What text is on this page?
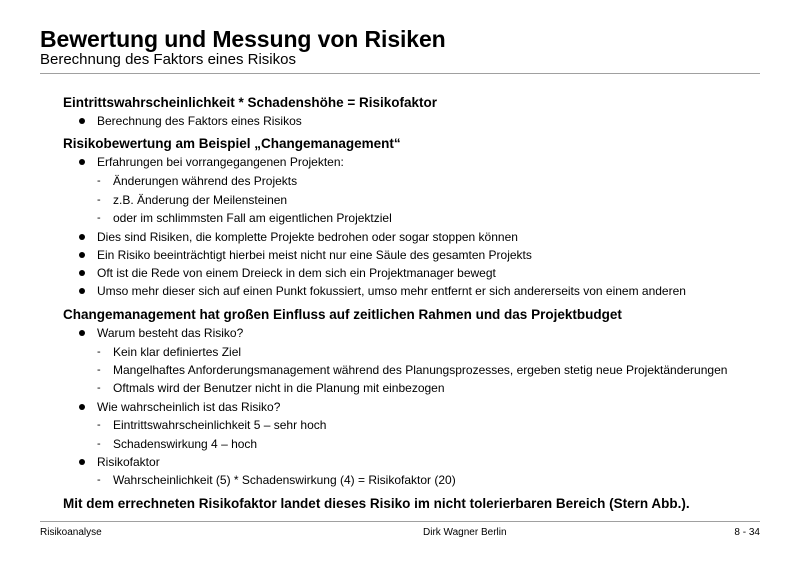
Bewertung und Messung von Risiken
Berechnung des Faktors eines Risikos
Eintrittswahrscheinlichkeit * Schadenshöhe = Risikofaktor
Berechnung des Faktors eines Risikos
Risikobewertung am Beispiel „Changemanagement“
Erfahrungen bei vorrangegangenen Projekten:
- Änderungen während des Projekts
- z.B. Änderung der Meilensteinen
- oder im schlimmsten Fall am eigentlichen Projektziel
Dies sind Risiken, die komplette Projekte bedrohen oder sogar stoppen können
Ein Risiko beeinträchtigt hierbei meist nicht nur eine Säule des gesamten Projekts
Oft ist die Rede von einem Dreieck in dem sich ein Projektmanager bewegt
Umso mehr dieser sich auf einen Punkt fokussiert, umso mehr entfernt er sich andererseits von einem anderen
Changemanagement hat großen Einfluss auf zeitlichen Rahmen und das Projektbudget
Warum besteht das Risiko?
- Kein klar definiertes Ziel
- Mangelhaftes Anforderungsmanagement während des Planungsprozesses, ergeben stetig neue Projektänderungen
- Oftmals wird der Benutzer nicht in die Planung mit einbezogen
Wie wahrscheinlich ist das Risiko?
- Eintrittswahrscheinlichkeit 5 – sehr hoch
- Schadenswirkung 4 – hoch
Risikofaktor
- Wahrscheinlichkeit (5) * Schadenswirkung (4) = Risikofaktor (20)
Mit dem errechneten Risikofaktor landet dieses Risiko im nicht tolerierbaren Bereich (Stern Abb.).
Risikoanalyse	Dirk Wagner Berlin	8 - 34
